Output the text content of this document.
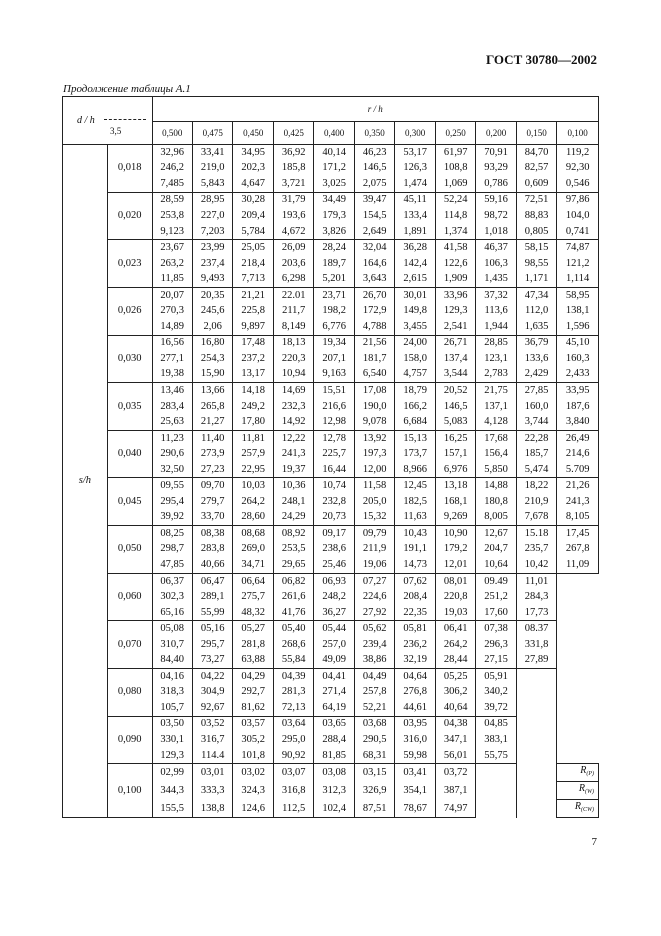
ГОСТ 30780—2002
Продолжение таблицы А.1
d / h		r / h										
		0,500	0,475	0,450	0,425	0,400	0,350	0,300	0,250	0,200	0,150	0,100
s/h	0,018	32,96	33,41	34,95	36,92	40,14	46,23	53,17	61,97	70,91	84,70	119,2
		246,2	219,0	202,3	185,8	171,2	146,5	126,3	108,8	93,29	82,57	92,30
		7,485	5,843	4,647	3,721	3,025	2,075	1,474	1,069	0,786	0,609	0,546
	0,020	28,59	28,95	30,28	31,79	34,49	39,47	45,11	52,24	59,16	72,51	97,86
		253,8	227,0	209,4	193,6	179,3	154,5	133,4	114,8	98,72	88,83	104,0
		9,123	7,203	5,784	4,672	3,826	2,649	1,891	1,374	1,018	0,805	0,741
	0,023	23,67	23,99	25,05	26,09	28,24	32,04	36,28	41,58	46,37	58,15	74,87
		263,2	237,4	218,4	203,6	189,7	164,6	142,4	122,6	106,3	98,55	121,2
		11,85	9,493	7,713	6,298	5,201	3,643	2,615	1,909	1,435	1,171	1,114
	0,026	20,07	20,35	21,21	22.01	23,71	26,70	30,01	33,96	37,32	47,34	58,95
		270,3	245,6	225,8	211,7	198,2	172,9	149,8	129,3	113,6	112,0	138,1
		14,89	2,06	9,897	8,149	6,776	4,788	3,455	2,541	1,944	1,635	1,596
	0,030	16,56	16,80	17,48	18,13	19,34	21,56	24,00	26,71	28,85	36,79	45,10
		277,1	254,3	237,2	220,3	207,1	181,7	158,0	137,4	123,1	133,6	160,3
		19,38	15,90	13,17	10,94	9,163	6,540	4,757	3,544	2,783	2,429	2,433
	0,035	13,46	13,66	14,18	14,69	15,51	17,08	18,79	20,52	21,75	27,85	33,95
		283,4	265,8	249,2	232,3	216,6	190,0	166,2	146,5	137,1	160,0	187,6
		25,63	21,27	17,80	14,92	12,98	9,078	6,684	5,083	4,128	3,744	3,840
	0,040	11,23	11,40	11,81	12,22	12,78	13,92	15,13	16,25	17,68	22,28	26,49
		290,6	273,9	257,9	241,3	225,7	197,3	173,7	157,1	156,4	185,7	214,6
		32,50	27,23	22,95	19,37	16,44	12,00	8,966	6,976	5,850	5,474	5.709
	0,045	09,55	09,70	10,03	10,36	10,74	11,58	12,45	13,18	14,88	18,22	21,26
		295,4	279,7	264,2	248,1	232,8	205,0	182,5	168,1	180,8	210,9	241,3
		39,92	33,70	28,60	24,29	20,73	15,32	11,63	9,269	8,005	7,678	8,105
	0,050	08,25	08,38	08,68	08,92	09,17	09,79	10,43	10,90	12,67	15.18	17,45
		298,7	283,8	269,0	253,5	238,6	211,9	191,1	179,2	204,7	235,7	267,8
		47,85	40,66	34,71	29,65	25,46	19,06	14,73	12,01	10,64	10,42	11,09
	0,060	06,37	06,47	06,64	06,82	06,93	07,27	07,62	08,01	09.49	11,01	
		302,3	289,1	275,7	261,6	248,2	224,6	208,4	220,8	251,2	284,3	
		65,16	55,99	48,32	41,76	36,27	27,92	22,35	19,03	17,60	17,73	
	0,070	05,08	05,16	05,27	05,40	05,44	05,62	05,81	06,41	07,38	08.37	
		310,7	295,7	281,8	268,6	257,0	239,4	236,2	264,2	296,3	331,8	
		84,40	73,27	63,88	55,84	49,09	38,86	32,19	28,44	27,15	27,89	
	0,080	04,16	04,22	04,29	04,39	04,41	04,49	04,64	05,25	05,91		
		318,3	304,9	292,7	281,3	271,4	257,8	276,8	306,2	340,2		
		105,7	92,67	81,62	72,13	64,19	52,21	44,61	40,64	39,72		
	0,090	03,50	03,52	03,57	03,64	03,65	03,68	03,95	04,38	04,85		
		330,1	316,7	305,2	295,0	288,4	290,5	316,0	347,1	383,1		
		129,3	114.4	101,8	90,92	81,85	68,31	59,98	56,01	55,75		
	0,100	02,99	03,01	03,02	03,07	03,08	03,15	03,41	03,72			$R_{(P)}$
		344,3	333,3	324,3	316,8	312,3	326,9	354,1	387,1			$R_{(W)}$
		155,5	138,8	124,6	112,5	102,4	87,51	78,67	74,97			$R_{(CW)}$
7
3,5
